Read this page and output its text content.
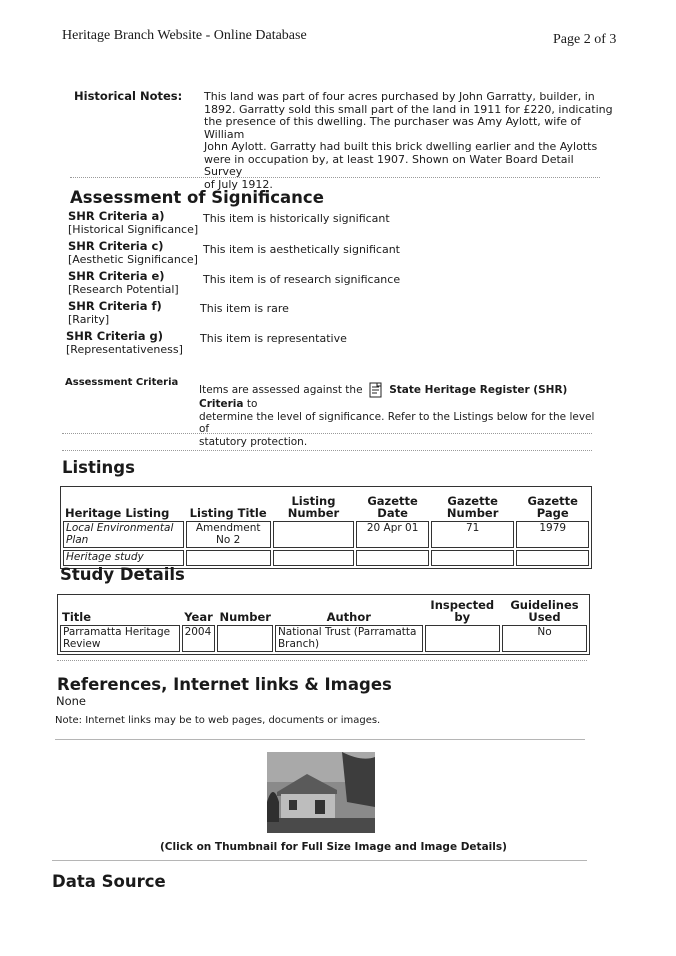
Heritage Branch Website - Online Database	Page 2 of 3
Historical Notes: This land was part of four acres purchased by John Garratty, builder, in
1892. Garratty sold this small part of the land in 1911 for £220, indicating
the presence of this dwelling. The purchaser was Amy Aylott, wife of William
John Aylott. Garratty had built this brick dwelling earlier and the Aylotts
were in occupation by, at least 1907. Shown on Water Board Detail Survey
of July 1912.
Assessment of Significance
SHR Criteria a)
[Historical Significance]
This item is historically significant
SHR Criteria c)
[Aesthetic Significance]
This item is aesthetically significant
SHR Criteria e)
[Research Potential]
This item is of research significance
SHR Criteria f)
[Rarity]
This item is rare
SHR Criteria g)
[Representativeness]
This item is representative
Assessment Criteria
Items are assessed against the	State Heritage Register (SHR) Criteria to
determine the level of significance. Refer to the Listings below for the level of
statutory protection.
Listings
Heritage Listing	Listing Title	Listing Number	Gazette Date	Gazette Number	Gazette Page
Local Environmental Plan	Amendment No 2		20 Apr 01	71	1979
Heritage study					
Study Details
Title	Year	Number	Author	Inspected by	Guidelines Used
Parramatta Heritage Review	2004		National Trust (Parramatta Branch)		No
References, Internet links & Images
None
Note: Internet links may be to web pages, documents or images.
(Click on Thumbnail for Full Size Image and Image Details)
Data Source
